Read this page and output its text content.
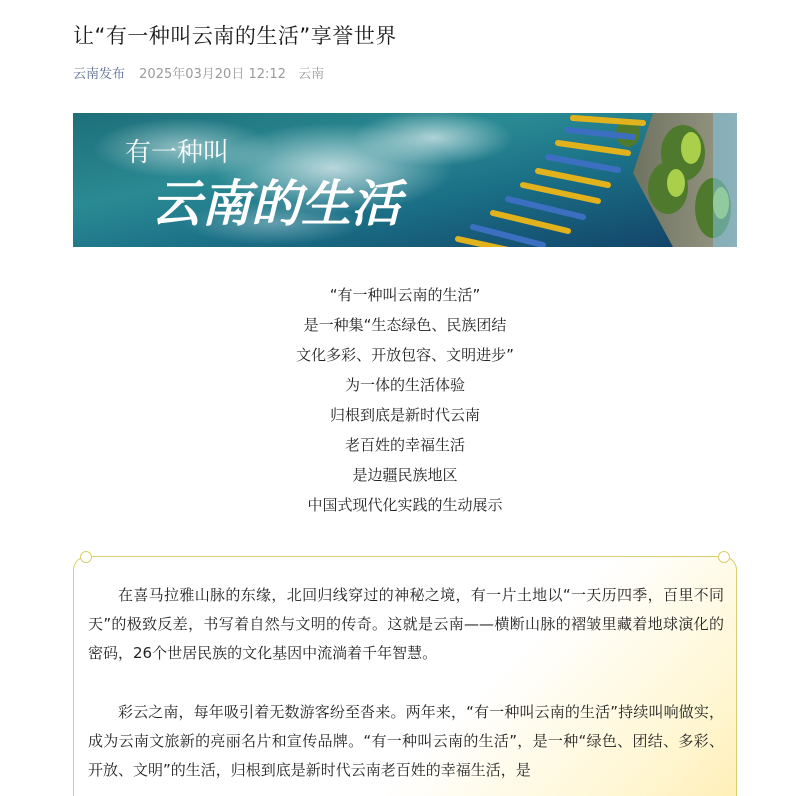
让“有一种叫云南的生活”享誉世界
云南发布 2025年03月20日 12:12 云南
有一种叫
云南的生活
“有一种叫云南的生活”
是一种集“生态绿色、民族团结
文化多彩、开放包容、文明进步”
为一体的生活体验
归根到底是新时代云南
老百姓的幸福生活
是边疆民族地区
中国式现代化实践的生动展示

在喜马拉雅山脉的东缘，北回归线穿过的神秘之境，有一片土地以“一天历四季，百里不同天”的极致反差，书写着自然与文明的传奇。这就是云南——横断山脉的褶皱里藏着地球演化的密码，26个世居民族的文化基因中流淌着千年智慧。

彩云之南，每年吸引着无数游客纷至沓来。两年来，“有一种叫云南的生活”持续叫响做实，成为云南文旅新的亮丽名片和宣传品牌。“有一种叫云南的生活”，是一种“绿色、团结、多彩、开放、文明”的生活，归根到底是新时代云南老百姓的幸福生活，是
